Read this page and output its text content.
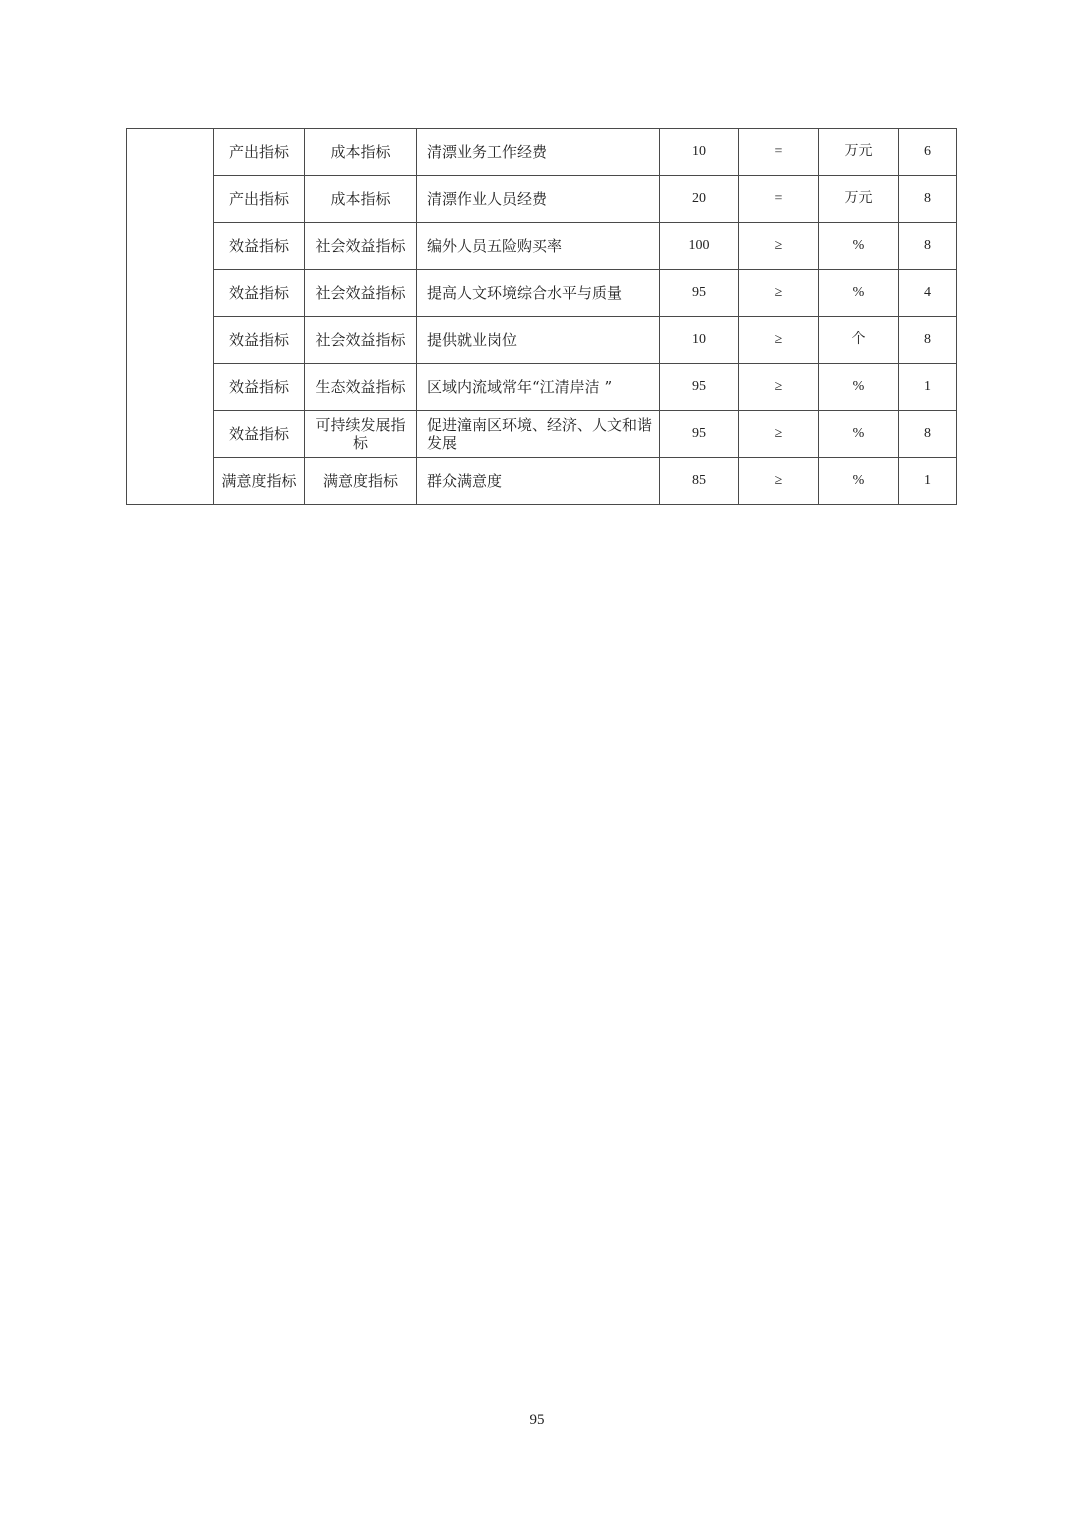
	产出指标	成本指标	清漂业务工作经费	10	=	万元	6
	产出指标	成本指标	清漂作业人员经费	20	=	万元	8
	效益指标	社会效益指标	编外人员五险购买率	100	≥	%	8
	效益指标	社会效益指标	提高人文环境综合水平与质量	95	≥	%	4
	效益指标	社会效益指标	提供就业岗位	10	≥	个	8
	效益指标	生态效益指标	区域内流域常年“江清岸洁 ”	95	≥	%	1
	效益指标	可持续发展指标	促进潼南区环境、经济、人文和谐发展	95	≥	%	8
	满意度指标	满意度指标	群众满意度	85	≥	%	1
95
